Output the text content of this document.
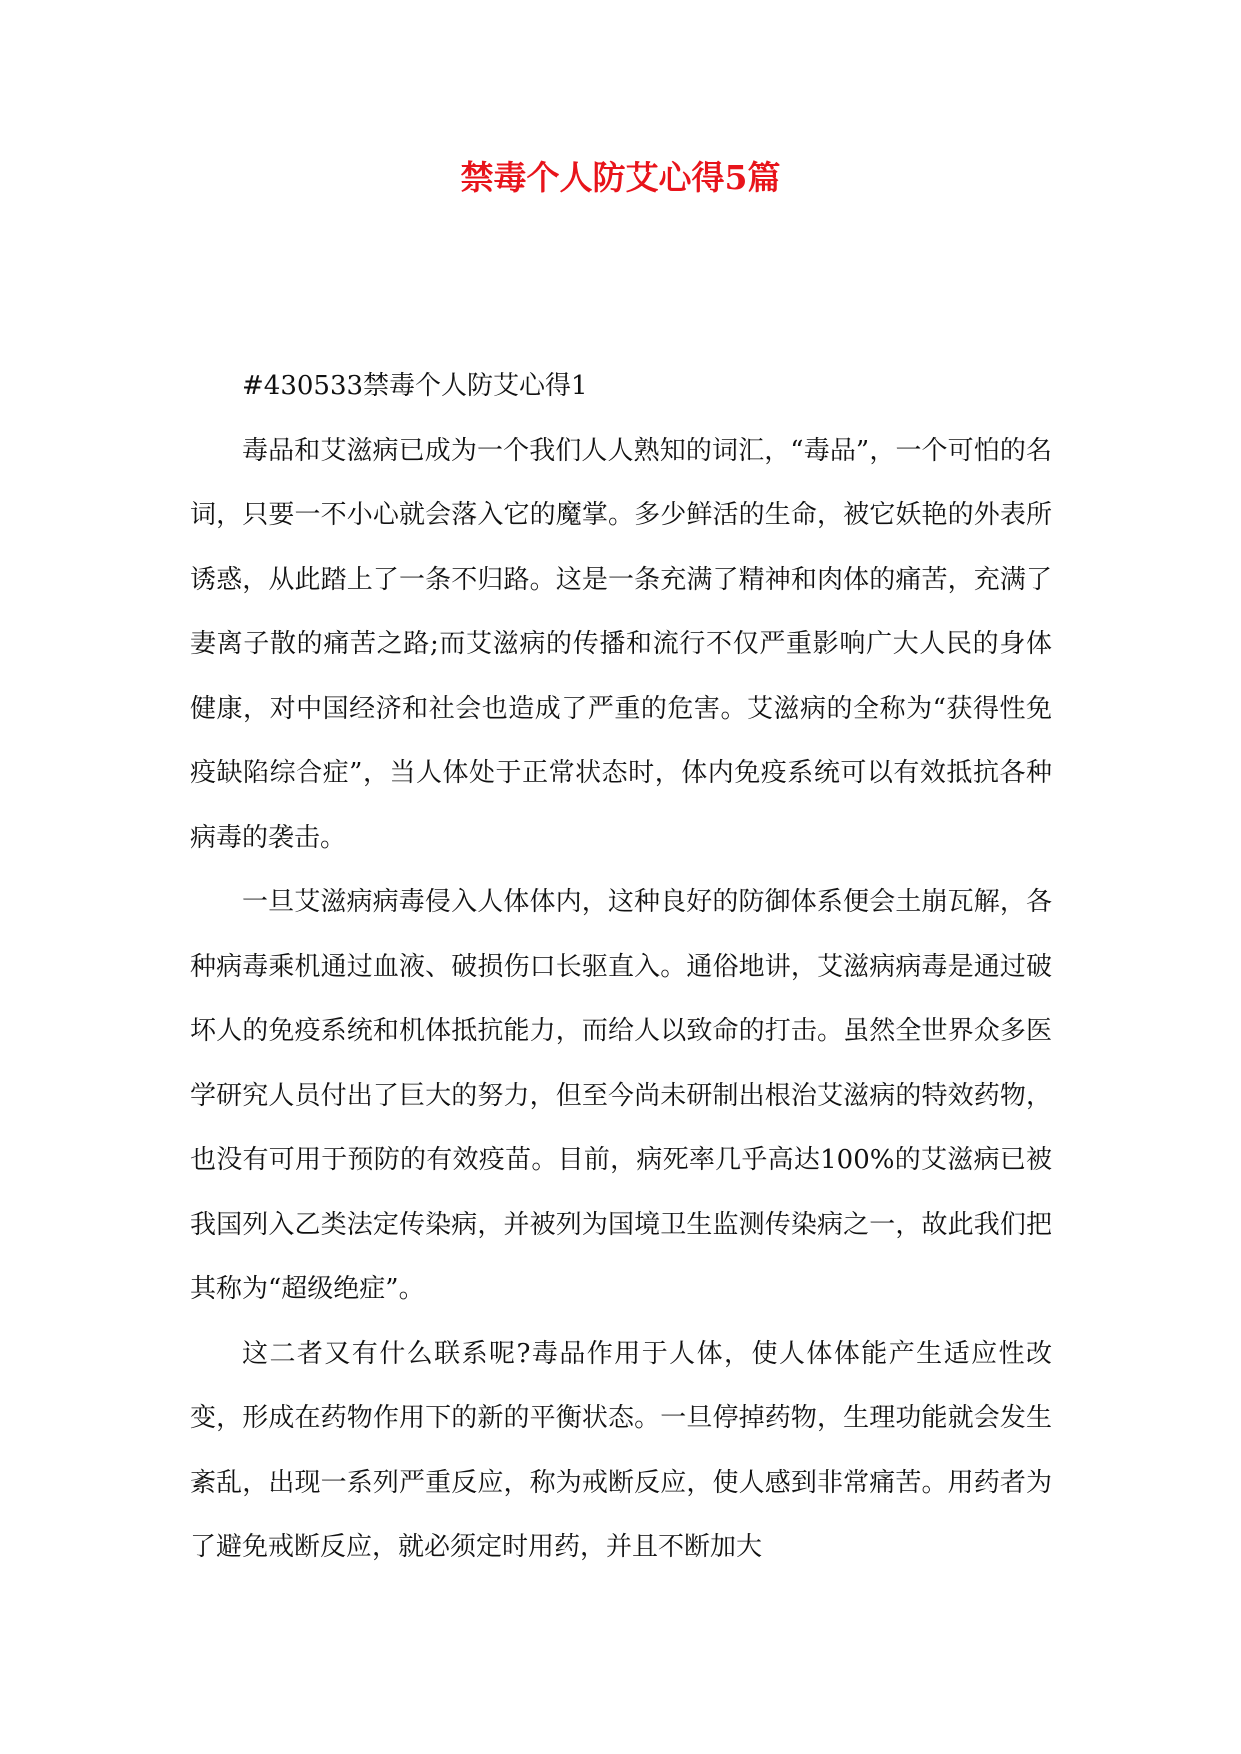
禁毒个人防艾心得5篇

#430533禁毒个人防艾心得1

毒品和艾滋病已成为一个我们人人熟知的词汇，“毒品”，一个可怕的名词，只要一不小心就会落入它的魔掌。多少鲜活的生命，被它妖艳的外表所诱惑，从此踏上了一条不归路。这是一条充满了精神和肉体的痛苦，充满了妻离子散的痛苦之路;而艾滋病的传播和流行不仅严重影响广大人民的身体健康，对中国经济和社会也造成了严重的危害。艾滋病的全称为“获得性免疫缺陷综合症”，当人体处于正常状态时，体内免疫系统可以有效抵抗各种病毒的袭击。

一旦艾滋病病毒侵入人体体内，这种良好的防御体系便会土崩瓦解，各种病毒乘机通过血液、破损伤口长驱直入。通俗地讲，艾滋病病毒是通过破坏人的免疫系统和机体抵抗能力，而给人以致命的打击。虽然全世界众多医学研究人员付出了巨大的努力，但至今尚未研制出根治艾滋病的特效药物，也没有可用于预防的有效疫苗。目前，病死率几乎高达100%的艾滋病已被我国列入乙类法定传染病，并被列为国境卫生监测传染病之一，故此我们把其称为“超级绝症”。

这二者又有什么联系呢?毒品作用于人体，使人体体能产生适应性改变，形成在药物作用下的新的平衡状态。一旦停掉药物，生理功能就会发生紊乱，出现一系列严重反应，称为戒断反应，使人感到非常痛苦。用药者为了避免戒断反应，就必须定时用药，并且不断加大
